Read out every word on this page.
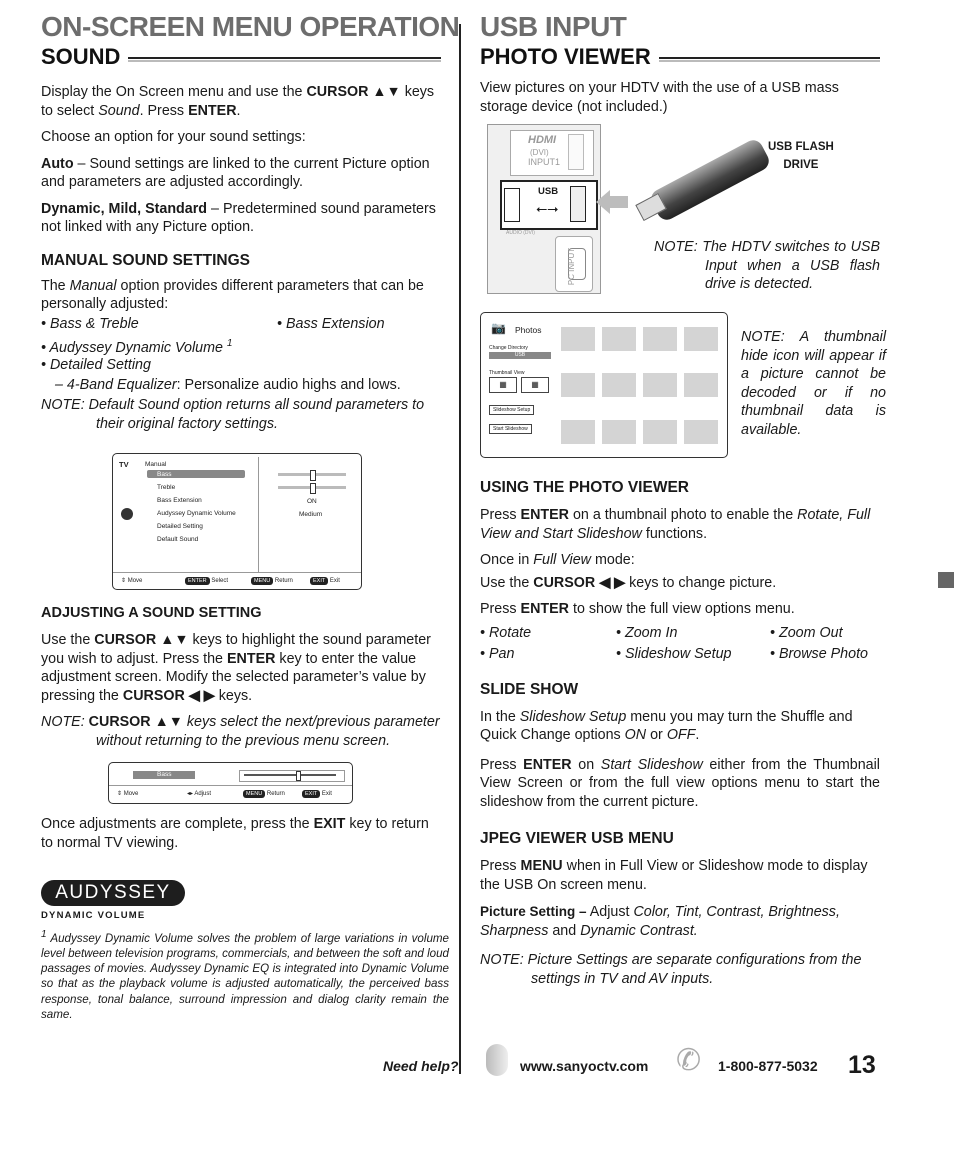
ON-SCREEN MENU OPERATION
SOUND

Display the On Screen menu and use the CURSOR ▲▼ keys to select Sound. Press ENTER.

Choose an option for your sound settings:

Auto – Sound settings are linked to the current Picture option and parameters are adjusted accordingly.

Dynamic, Mild, Standard – Predetermined sound parameters not linked with any Picture option.

MANUAL SOUND SETTINGS

The Manual option provides different parameters that can be personally adjusted:

• Bass & Treble	• Bass Extension
• Audyssey Dynamic Volume $^1$
• Detailed Setting

– 4-Band Equalizer: Personalize audio highs and lows.

NOTE: Default Sound option returns all sound parameters to their original factory settings.
TV	Manual
Bass
Treble
Bass Extension
Audyssey Dynamic Volume
Detailed Setting
Default Sound
ON
Medium
⇕ Move	ENTER Select	MENU Return	EXIT Exit
ADJUSTING A SOUND SETTING

Use the CURSOR ▲▼ keys to highlight the sound parameter you wish to adjust. Press the ENTER key to enter the value adjustment screen. Modify the selected parameter’s value by pressing the CURSOR ◀ ▶ keys.

NOTE: CURSOR ▲▼ keys select the next/previous parameter without returning to the previous menu screen.
Bass
⇕ Move	◂▸ Adjust	MENU Return	EXIT Exit

Once adjustments are complete, press the EXIT key to return to normal TV viewing.

AUDYSSEY
DYNAMIC VOLUME
$^1$ Audyssey Dynamic Volume solves the problem of large variations in volume level between television programs, commercials, and between the soft and loud passages of movies. Audyssey Dynamic EQ is integrated into Dynamic Volume so that as the playback volume is adjusted automatically, the perceived bass response, tonal balance, surround impression and dialog clarity remain the same.
USB INPUT
PHOTO VIEWER

View pictures on your HDTV with the use of a USB mass storage device (not included.)

HDMI
(DVI)
INPUT1
USB
⭠⭢
AUDIO (DVI)
PC INPUT
USB FLASH
DRIVE
NOTE: The HDTV switches to USB Input when a USB flash drive is detected.
📷 Photos
Change Directory
USB
Thumbnail View
▦	▦
Slideshow Setup
Start Slideshow
NOTE: A thumbnail hide icon will appear if a picture cannot be decoded or if no thumbnail data is available.
USING THE PHOTO VIEWER

Press ENTER on a thumbnail photo to enable the Rotate, Full View and Start Slideshow functions.

Once in Full View mode:

Use the CURSOR ◀ ▶ keys to change picture.

Press ENTER to show the full view options menu.

• Rotate	• Zoom In	• Zoom Out
• Pan	• Slideshow Setup	• Browse Photo
SLIDE SHOW

In the Slideshow Setup menu you may turn the Shuffle and Quick Change options ON or OFF.

Press ENTER on Start Slideshow either from the Thumbnail View Screen or from the full view options menu to start the slideshow from the current picture.

JPEG VIEWER USB MENU

Press MENU when in Full View or Slideshow mode to display the USB On screen menu.

Picture Setting – Adjust Color, Tint, Contrast, Brightness, Sharpness and Dynamic Contrast.

NOTE: Picture Settings are separate configurations from the settings in TV and AV inputs.
Need help?	www.sanyoctv.com ✆	1-800-877-5032 13
